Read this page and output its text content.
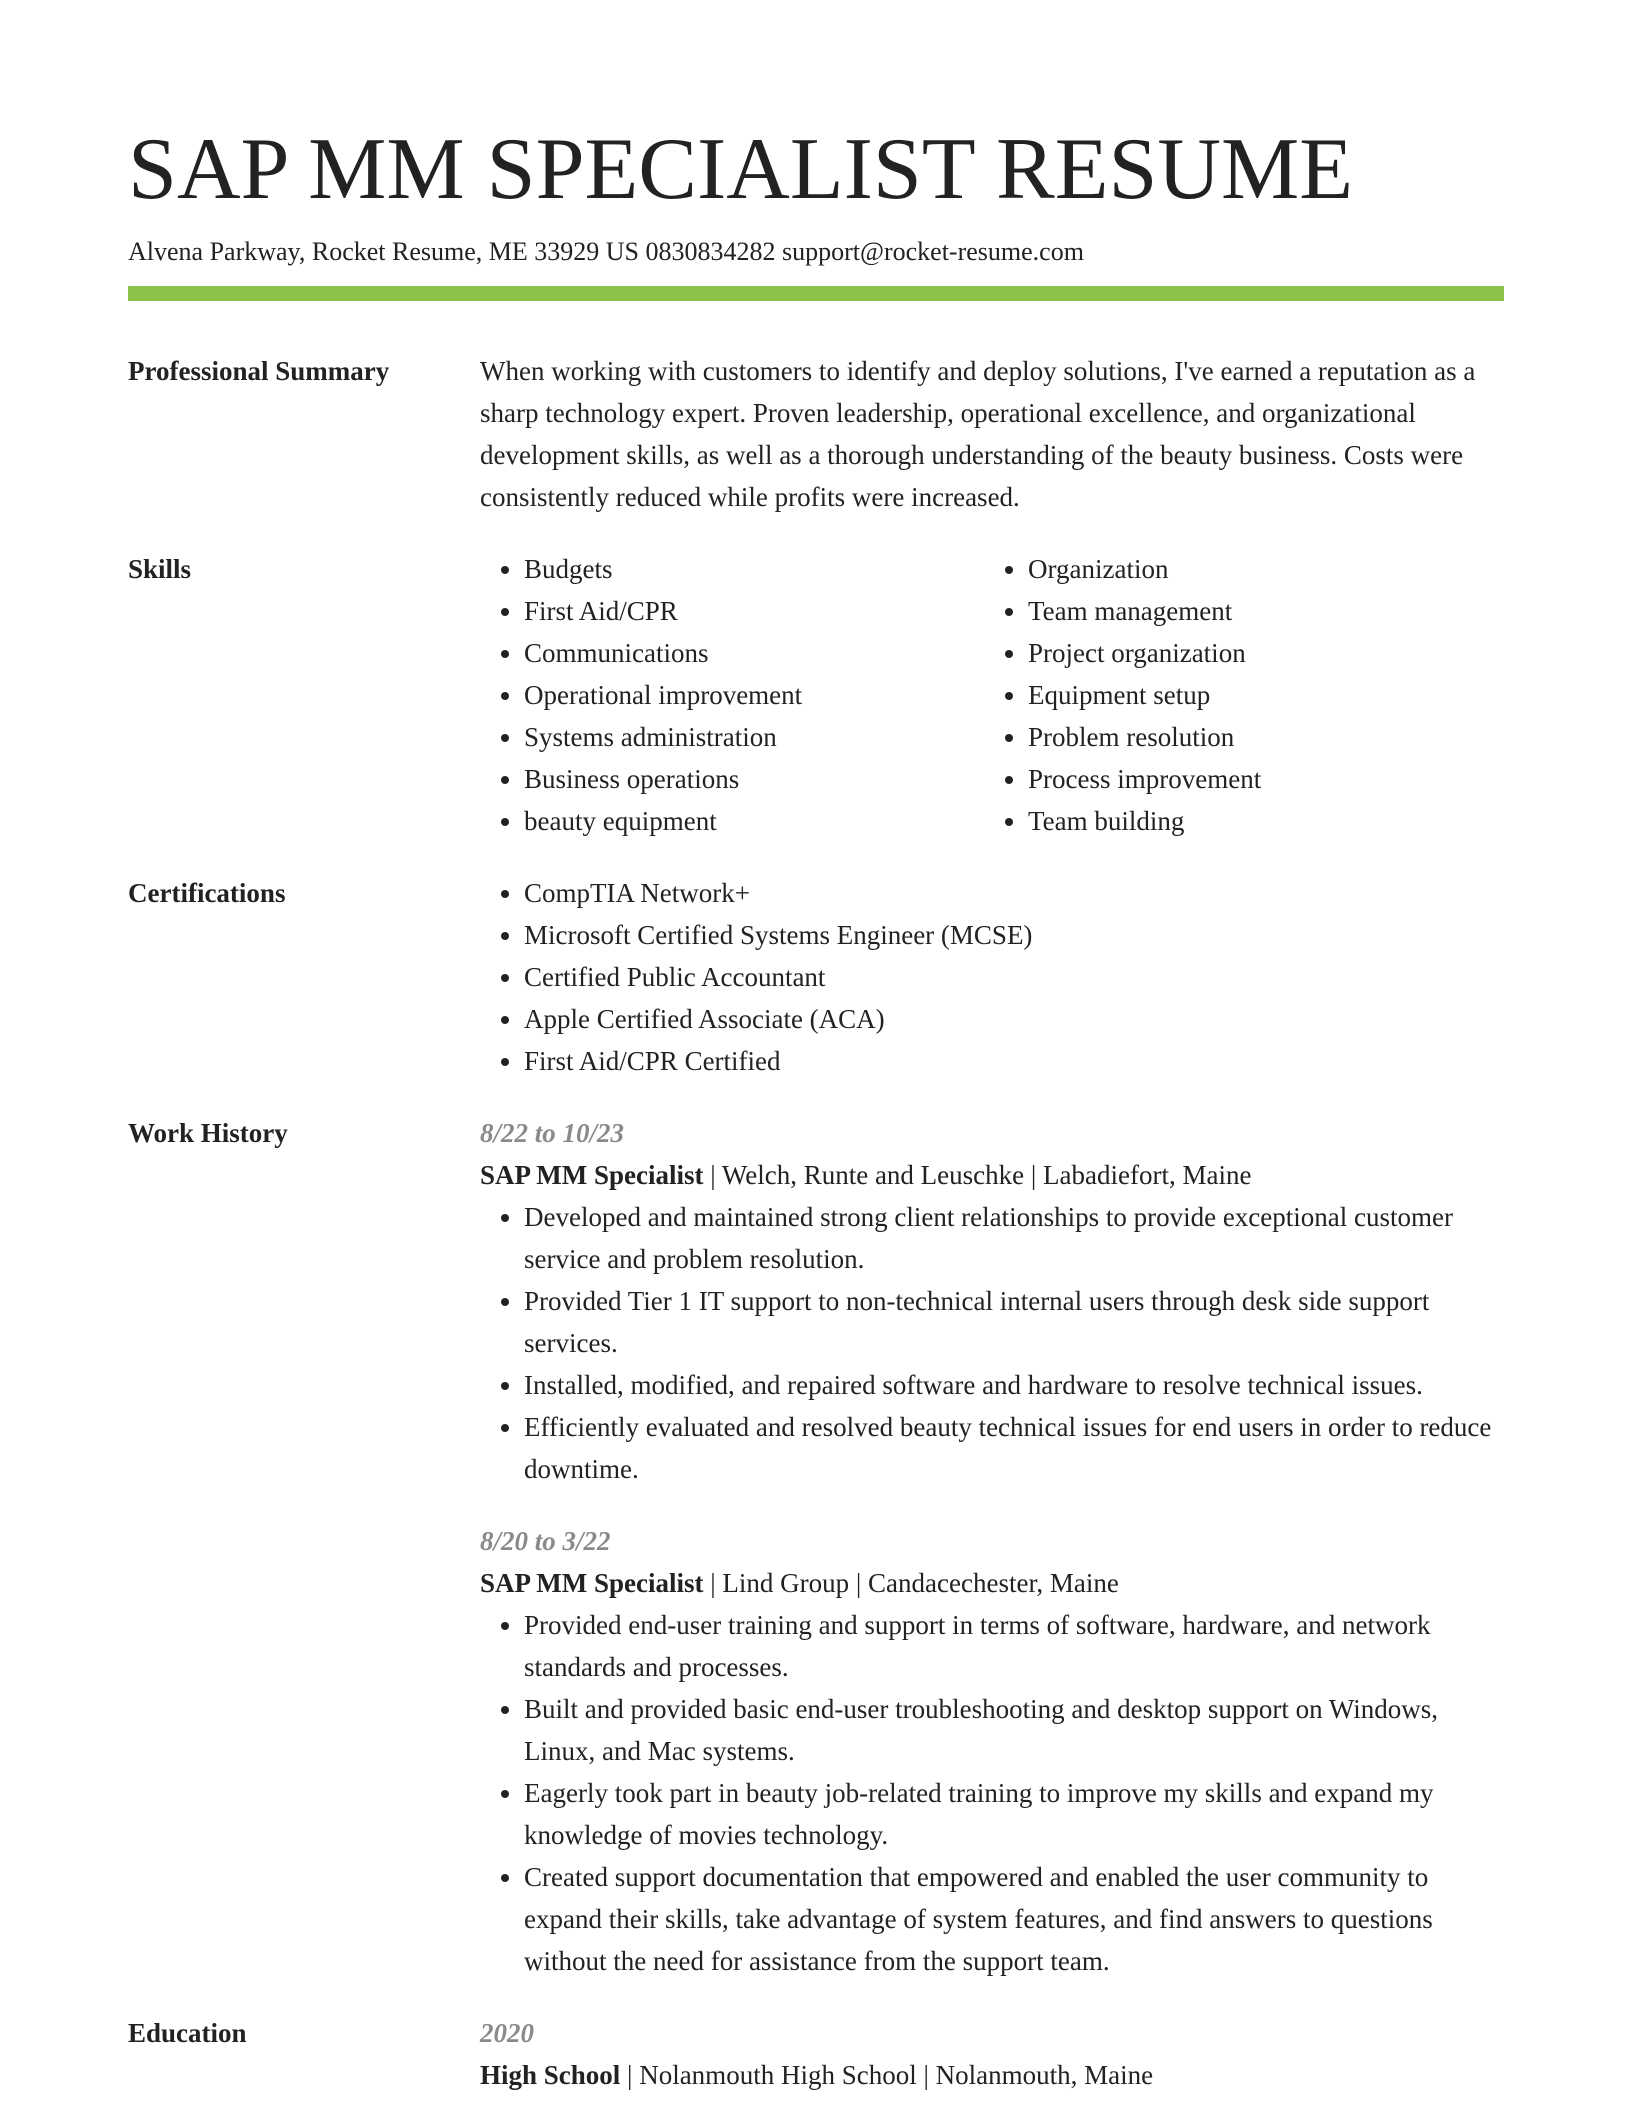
SAP MM SPECIALIST RESUME
Alvena Parkway, Rocket Resume, ME 33929 US 0830834282 support@rocket-resume.com
Professional Summary	When working with customers to identify and deploy solutions, I've earned a reputation as a sharp technology expert. Proven leadership, operational excellence, and organizational development skills, as well as a thorough understanding of the beauty business. Costs were consistently reduced while profits were increased.
Skills	• Budgets
• First Aid/CPR
• Communications
• Operational improvement
• Systems administration
• Business operations
• beauty equipment
• Organization
• Team management
• Project organization
• Equipment setup
• Problem resolution
• Process improvement
• Team building
Certifications	• CompTIA Network+
• Microsoft Certified Systems Engineer (MCSE)
• Certified Public Accountant
• Apple Certified Associate (ACA)
• First Aid/CPR Certified
Work History	8/22 to 10/23
SAP MM Specialist | Welch, Runte and Leuschke | Labadiefort, Maine
• Developed and maintained strong client relationships to provide exceptional customer service and problem resolution.
• Provided Tier 1 IT support to non-technical internal users through desk side support services.
• Installed, modified, and repaired software and hardware to resolve technical issues.
• Efficiently evaluated and resolved beauty technical issues for end users in order to reduce downtime.
8/20 to 3/22
SAP MM Specialist | Lind Group | Candacechester, Maine
• Provided end-user training and support in terms of software, hardware, and network standards and processes.
• Built and provided basic end-user troubleshooting and desktop support on Windows, Linux, and Mac systems.
• Eagerly took part in beauty job-related training to improve my skills and expand my knowledge of movies technology.
• Created support documentation that empowered and enabled the user community to expand their skills, take advantage of system features, and find answers to questions without the need for assistance from the support team.
Education	2020
High School | Nolanmouth High School | Nolanmouth, Maine
